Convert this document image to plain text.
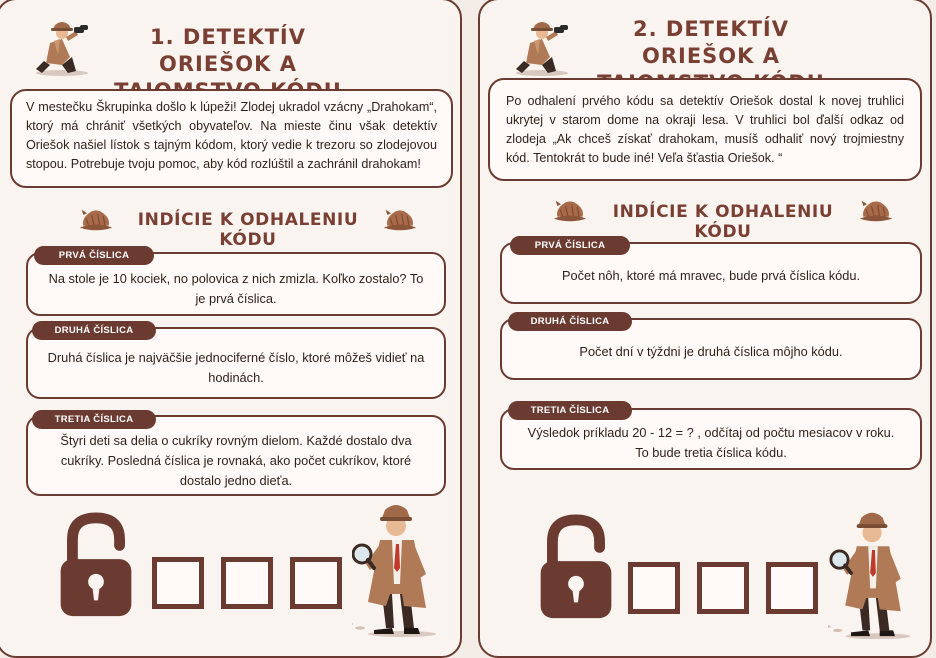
1. DETEKTÍV ORIEŠOK A
V mestečku Škrupinka došlo k lúpeži! Zlodej ukradol vzácny „Drahokam“, ktorý má chrániť všetkých obyvateľov. Na mieste činu však detektív Oriešok našiel lístok s tajným kódom, ktorý vedie k trezoru so zlodejovou stopou. Potrebuje tvoju pomoc, aby kód rozlúštil a zachránil drahokam!
INDÍCIE K ODHALENIU KÓDU
Na stole je 10 kociek, no polovica z nich zmizla. Koľko zostalo? To je prvá číslica.
PRVÁ ČÍSLICA
Druhá číslica je najväčšie jednociferné číslo, ktoré môžeš vidieť na hodinách.
DRUHÁ ČÍSLICA
Štyri deti sa delia o cukríky rovným dielom. Každé dostalo dva cukríky. Posledná číslica je rovnaká, ako počet cukríkov, ktoré dostalo jedno dieťa.
TRETIA ČÍSLICA
2. DETEKTÍV ORIEŠOK A
Po odhalení prvého kódu sa detektív Oriešok dostal k novej truhlici ukrytej v starom dome na okraji lesa. V truhlici bol ďalší odkaz od zlodeja „Ak chceš získať drahokam, musíš odhaliť nový trojmiestny kód. Tentokrát to bude iné! Veľa šťastia Oriešok. “
INDÍCIE K ODHALENIU KÓDU
Počet nôh, ktoré má mravec, bude prvá číslica kódu.
PRVÁ ČÍSLICA
Počet dní v týždni je druhá číslica môjho kódu.
DRUHÁ ČÍSLICA
Výsledok príkladu 20 - 12 = ? , odčítaj od počtu mesiacov v roku. To bude tretia číslica kódu.
TRETIA ČÍSLICA
